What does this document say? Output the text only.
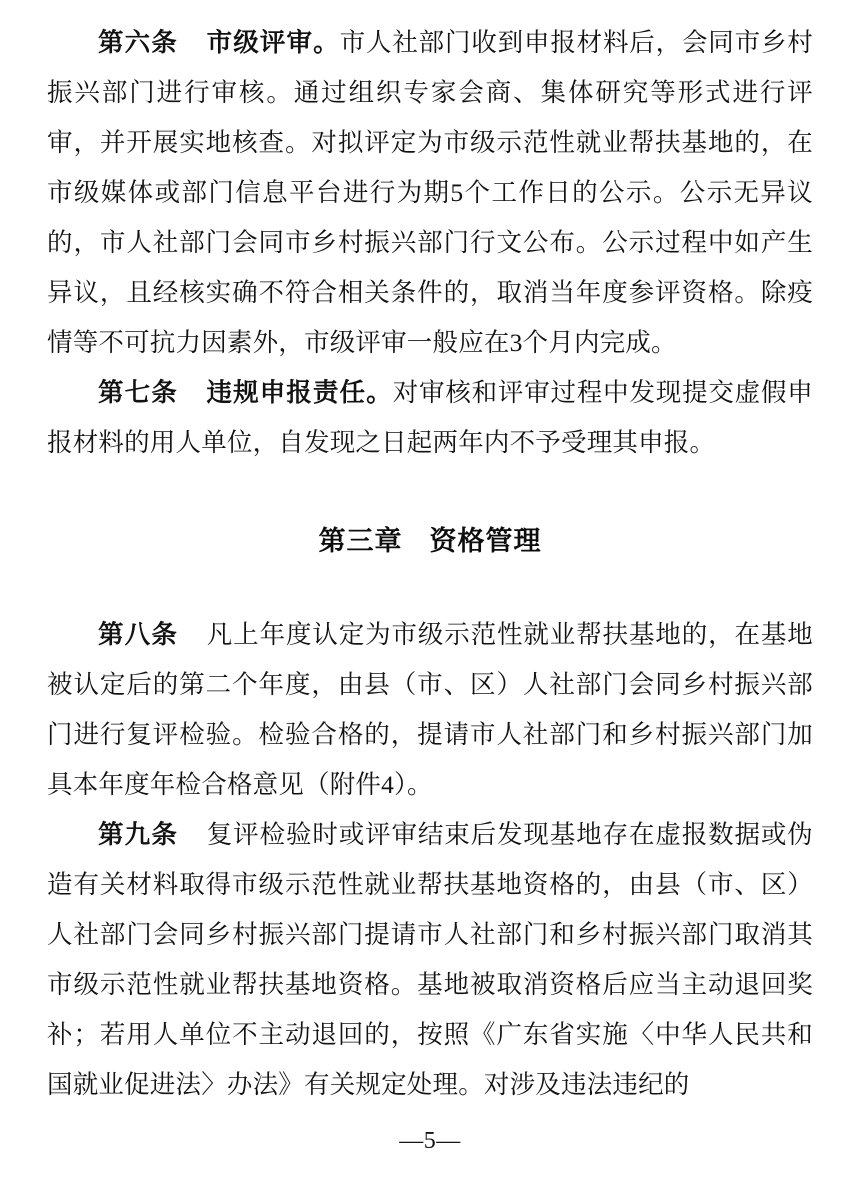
第六条 市级评审。市人社部门收到申报材料后，会同市乡村振兴部门进行审核。通过组织专家会商、集体研究等形式进行评审，并开展实地核查。对拟评定为市级示范性就业帮扶基地的，在市级媒体或部门信息平台进行为期5个工作日的公示。公示无异议的，市人社部门会同市乡村振兴部门行文公布。公示过程中如产生异议，且经核实确不符合相关条件的，取消当年度参评资格。除疫情等不可抗力因素外，市级评审一般应在3个月内完成。

第七条 违规申报责任。对审核和评审过程中发现提交虚假申报材料的用人单位，自发现之日起两年内不予受理其申报。

第三章 资格管理

第八条 凡上年度认定为市级示范性就业帮扶基地的，在基地被认定后的第二个年度，由县（市、区）人社部门会同乡村振兴部门进行复评检验。检验合格的，提请市人社部门和乡村振兴部门加具本年度年检合格意见（附件4）。

第九条 复评检验时或评审结束后发现基地存在虚报数据或伪造有关材料取得市级示范性就业帮扶基地资格的，由县（市、区）人社部门会同乡村振兴部门提请市人社部门和乡村振兴部门取消其市级示范性就业帮扶基地资格。基地被取消资格后应当主动退回奖补；若用人单位不主动退回的，按照《广东省实施〈中华人民共和国就业促进法〉办法》有关规定处理。对涉及违法违纪的

—5—
